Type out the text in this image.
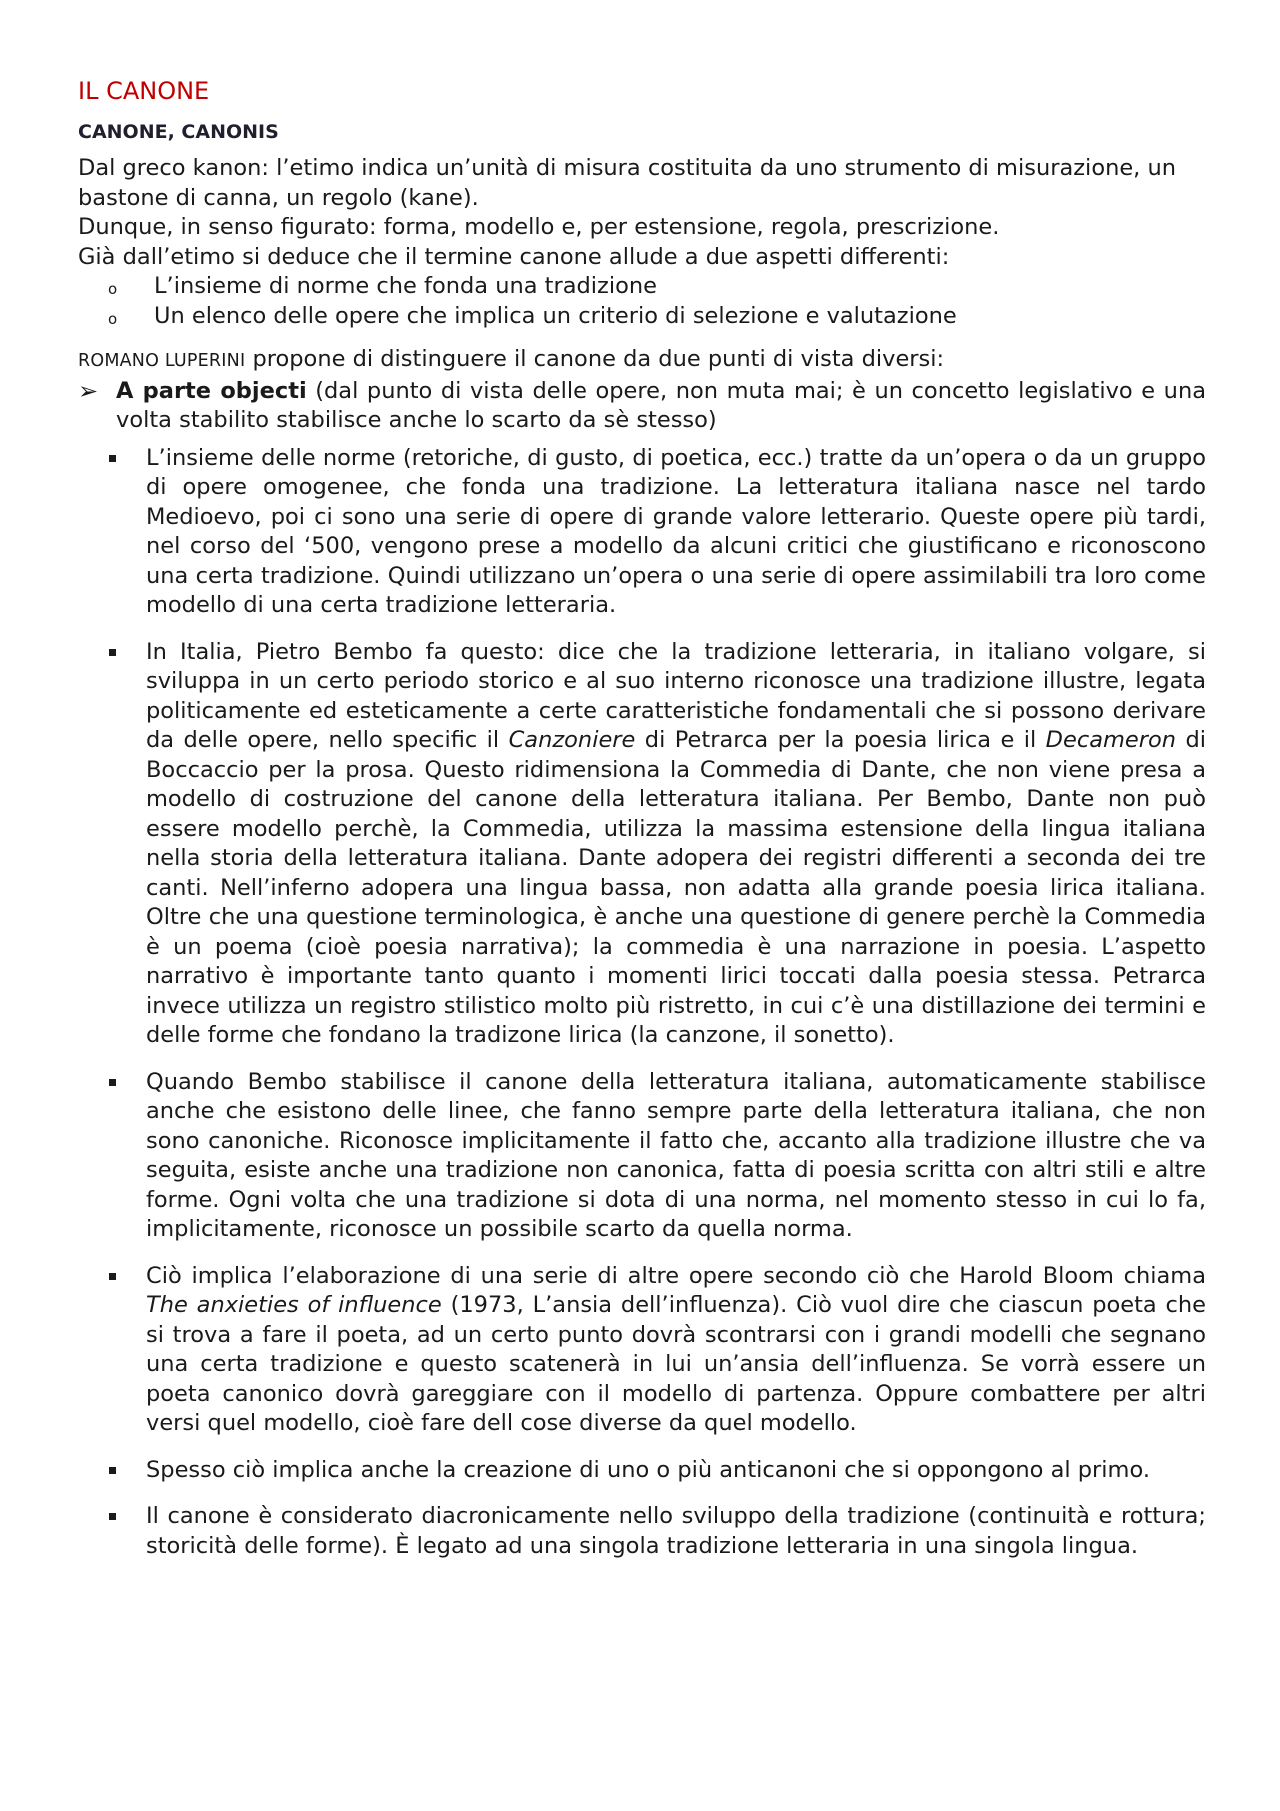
IL CANONE
CANONE, CANONIS

Dal greco kanon: l’etimo indica un’unità di misura costituita da uno strumento di misurazione, un bastone di canna, un regolo (kane).

Dunque, in senso figurato: forma, modello e, per estensione, regola, prescrizione.

Già dall’etimo si deduce che il termine canone allude a due aspetti differenti:

o L’insieme di norme che fonda una tradizione
o Un elenco delle opere che implica un criterio di selezione e valutazione

ROMANO LUPERINI propone di distinguere il canone da due punti di vista diversi:

➢ A parte objecti (dal punto di vista delle opere, non muta mai; è un concetto legislativo e una volta stabilito stabilisce anche lo scarto da sè stesso)
L’insieme delle norme (retoriche, di gusto, di poetica, ecc.) tratte da un’opera o da un gruppo di opere omogenee, che fonda una tradizione. La letteratura italiana nasce nel tardo Medioevo, poi ci sono una serie di opere di grande valore letterario. Queste opere più tardi, nel corso del ‘500, vengono prese a modello da alcuni critici che giustificano e riconoscono una certa tradizione. Quindi utilizzano un’opera o una serie di opere assimilabili tra loro come modello di una certa tradizione letteraria.
In Italia, Pietro Bembo fa questo: dice che la tradizione letteraria, in italiano volgare, si sviluppa in un certo periodo storico e al suo interno riconosce una tradizione illustre, legata politicamente ed esteticamente a certe caratteristiche fondamentali che si possono derivare da delle opere, nello specific il Canzoniere di Petrarca per la poesia lirica e il Decameron di Boccaccio per la prosa. Questo ridimensiona la Commedia di Dante, che non viene presa a modello di costruzione del canone della letteratura italiana. Per Bembo, Dante non può essere modello perchè, la Commedia, utilizza la massima estensione della lingua italiana nella storia della letteratura italiana. Dante adopera dei registri differenti a seconda dei tre canti. Nell’inferno adopera una lingua bassa, non adatta alla grande poesia lirica italiana. Oltre che una questione terminologica, è anche una questione di genere perchè la Commedia è un poema (cioè poesia narrativa); la commedia è una narrazione in poesia. L’aspetto narrativo è importante tanto quanto i momenti lirici toccati dalla poesia stessa. Petrarca invece utilizza un registro stilistico molto più ristretto, in cui c’è una distillazione dei termini e delle forme che fondano la tradizone lirica (la canzone, il sonetto).
Quando Bembo stabilisce il canone della letteratura italiana, automaticamente stabilisce anche che esistono delle linee, che fanno sempre parte della letteratura italiana, che non sono canoniche. Riconosce implicitamente il fatto che, accanto alla tradizione illustre che va seguita, esiste anche una tradizione non canonica, fatta di poesia scritta con altri stili e altre forme. Ogni volta che una tradizione si dota di una norma, nel momento stesso in cui lo fa, implicitamente, riconosce un possibile scarto da quella norma.
Ciò implica l’elaborazione di una serie di altre opere secondo ciò che Harold Bloom chiama The anxieties of influence (1973, L’ansia dell’influenza). Ciò vuol dire che ciascun poeta che si trova a fare il poeta, ad un certo punto dovrà scontrarsi con i grandi modelli che segnano una certa tradizione e questo scatenerà in lui un’ansia dell’influenza. Se vorrà essere un poeta canonico dovrà gareggiare con il modello di partenza. Oppure combattere per altri versi quel modello, cioè fare dell cose diverse da quel modello.
Spesso ciò implica anche la creazione di uno o più anticanoni che si oppongono al primo.
Il canone è considerato diacronicamente nello sviluppo della tradizione (continuità e rottura; storicità delle forme). È legato ad una singola tradizione letteraria in una singola lingua.
